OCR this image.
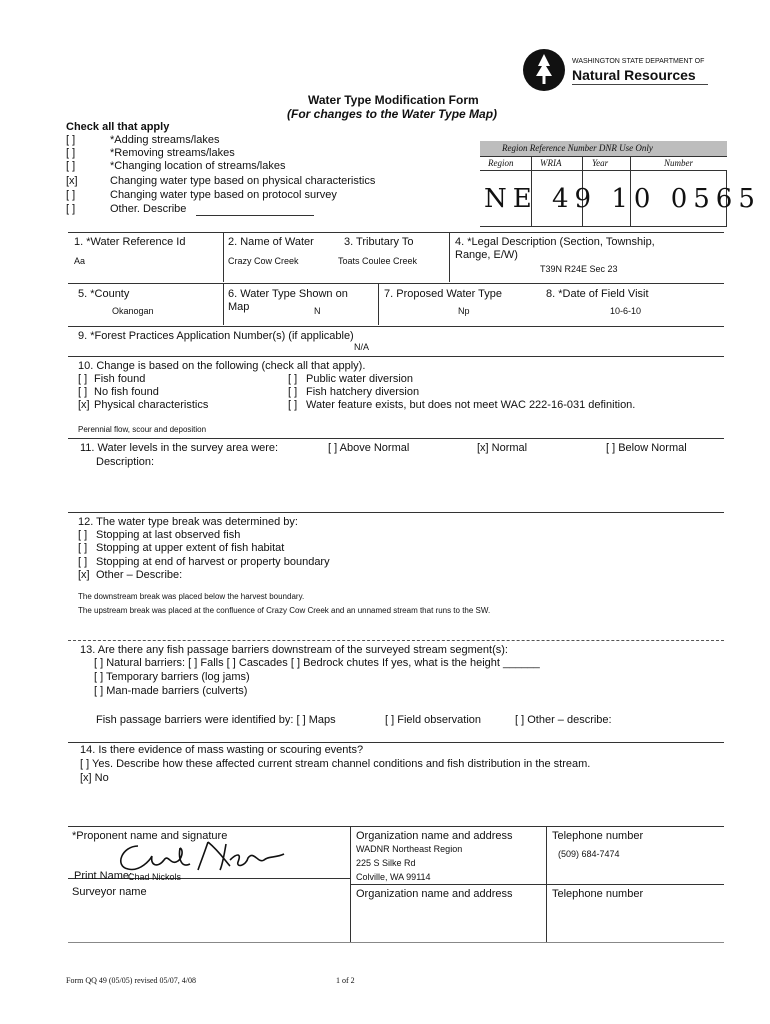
WASHINGTON STATE DEPARTMENT OF
Natural Resources
Water Type Modification Form
(For changes to the Water Type Map)
Check all that apply
[ ]	*Adding streams/lakes
[ ]	*Removing streams/lakes
[ ]	*Changing location of streams/lakes
[x]	Changing water type based on physical characteristics
[ ]	Changing water type based on protocol survey
[ ]	Other. Describe
Region Reference Number DNR Use Only
Region	WRIA	Year	Number
NE 49 10 0565
1. *Water Reference Id
Aa
2. Name of Water
Crazy Cow Creek
3. Tributary To
Toats Coulee Creek
4. *Legal Description (Section, Township,
Range, E/W)
T39N R24E Sec 23
5. *County
Okanogan
6. Water Type Shown on
Map	N
7. Proposed Water Type
Np
8. *Date of Field Visit
10-6-10
9. *Forest Practices Application Number(s) (if applicable)
N/A
10. Change is based on the following (check all that apply).
[ ] Fish found
[ ] No fish found
[x] Physical characteristics
[ ] Public water diversion
[ ] Fish hatchery diversion
[ ] Water feature exists, but does not meet WAC 222-16-031 definition.
Perennial flow, scour and deposition
11. Water levels in the survey area were:	[ ] Above Normal	[x] Normal	[ ] Below Normal
Description:
12. The water type break was determined by:
[ ] Stopping at last observed fish
[ ] Stopping at upper extent of fish habitat
[ ] Stopping at end of harvest or property boundary
[x] Other – Describe:
The downstream break was placed below the harvest boundary.
The upstream break was placed at the confluence of Crazy Cow Creek and an unnamed stream that runs to the SW.
13. Are there any fish passage barriers downstream of the surveyed stream segment(s):
[ ] Natural barriers: [ ] Falls [ ] Cascades [ ] Bedrock chutes If yes, what is the height ______
[ ] Temporary barriers (log jams)
[ ] Man-made barriers (culverts)
Fish passage barriers were identified by: [ ] Maps	[ ] Field observation	[ ] Other – describe:
14. Is there evidence of mass wasting or scouring events?
[ ] Yes. Describe how these affected current stream channel conditions and fish distribution in the stream.
[x] No
*Proponent name and signature
Print Name:
Chad Nickols
Organization name and address
WADNR Northeast Region
225 S Silke Rd
Colville, WA 99114
Telephone number
(509) 684-7474
Surveyor name	Organization name and address	Telephone number
Form QQ 49 (05/05) revised 05/07, 4/08	1 of 2
